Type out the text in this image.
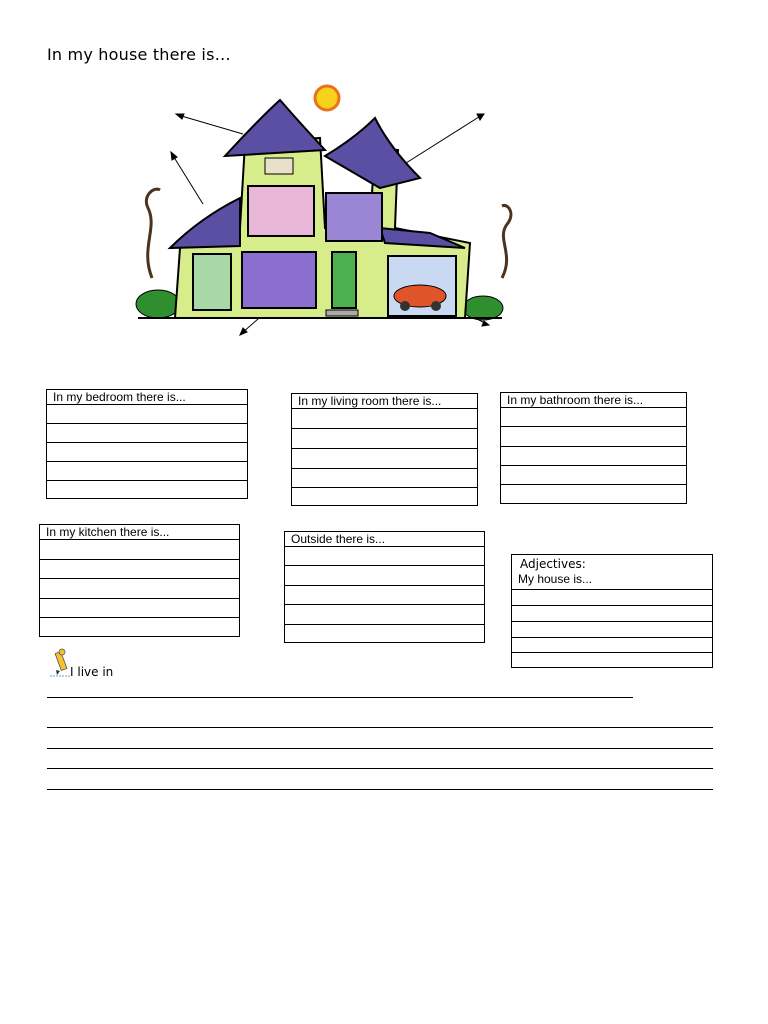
In my house there is…
In my bedroom there is...	In my living room there is...	In my bathroom there is...
In my kitchen there is...	Outside there is...
Adjectives:
My house is...
I live in
